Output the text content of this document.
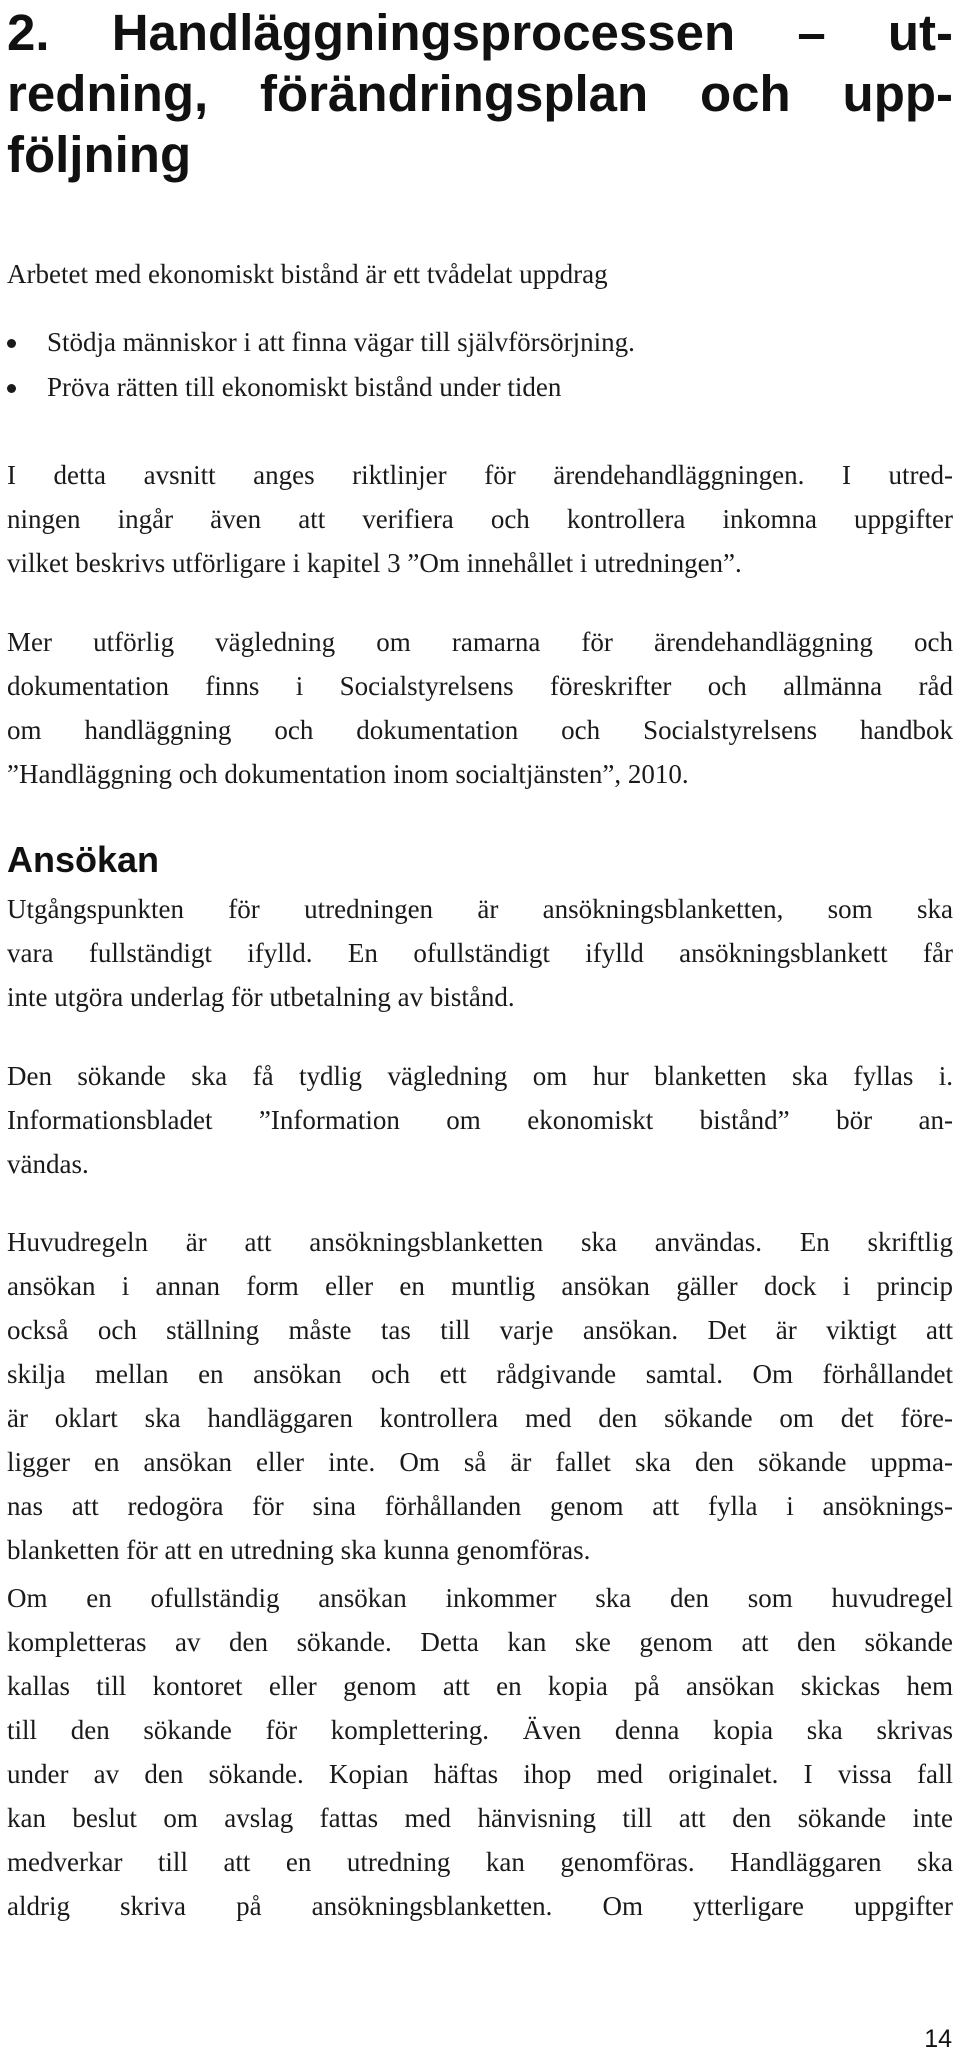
2. Handläggningsprocessen – ut-
redning, förändringsplan och upp-
följning

Arbetet med ekonomiskt bistånd är ett tvådelat uppdrag

Stödja människor i att finna vägar till självförsörjning.
Pröva rätten till ekonomiskt bistånd under tiden

I detta avsnitt anges riktlinjer för ärendehandläggningen. I utred-
ningen ingår även att verifiera och kontrollera inkomna uppgifter
vilket beskrivs utförligare i kapitel 3 ”Om innehållet i utredningen”.

Mer utförlig vägledning om ramarna för ärendehandläggning och
dokumentation finns i Socialstyrelsens föreskrifter och allmänna råd
om handläggning och dokumentation och Socialstyrelsens handbok
”Handläggning och dokumentation inom socialtjänsten”, 2010.

Ansökan

Utgångspunkten för utredningen är ansökningsblanketten, som ska
vara fullständigt ifylld. En ofullständigt ifylld ansökningsblankett får
inte utgöra underlag för utbetalning av bistånd.

Den sökande ska få tydlig vägledning om hur blanketten ska fyllas i.
Informationsbladet ”Information om ekonomiskt bistånd” bör an-
vändas.

Huvudregeln är att ansökningsblanketten ska användas. En skriftlig
ansökan i annan form eller en muntlig ansökan gäller dock i princip
också och ställning måste tas till varje ansökan. Det är viktigt att
skilja mellan en ansökan och ett rådgivande samtal. Om förhållandet
är oklart ska handläggaren kontrollera med den sökande om det före-
ligger en ansökan eller inte. Om så är fallet ska den sökande uppma-
nas att redogöra för sina förhållanden genom att fylla i ansöknings-
blanketten för att en utredning ska kunna genomföras.

Om en ofullständig ansökan inkommer ska den som huvudregel
kompletteras av den sökande. Detta kan ske genom att den sökande
kallas till kontoret eller genom att en kopia på ansökan skickas hem
till den sökande för komplettering. Även denna kopia ska skrivas
under av den sökande. Kopian häftas ihop med originalet. I vissa fall
kan beslut om avslag fattas med hänvisning till att den sökande inte
medverkar till att en utredning kan genomföras. Handläggaren ska
aldrig skriva på ansökningsblanketten. Om ytterligare uppgifter

14
